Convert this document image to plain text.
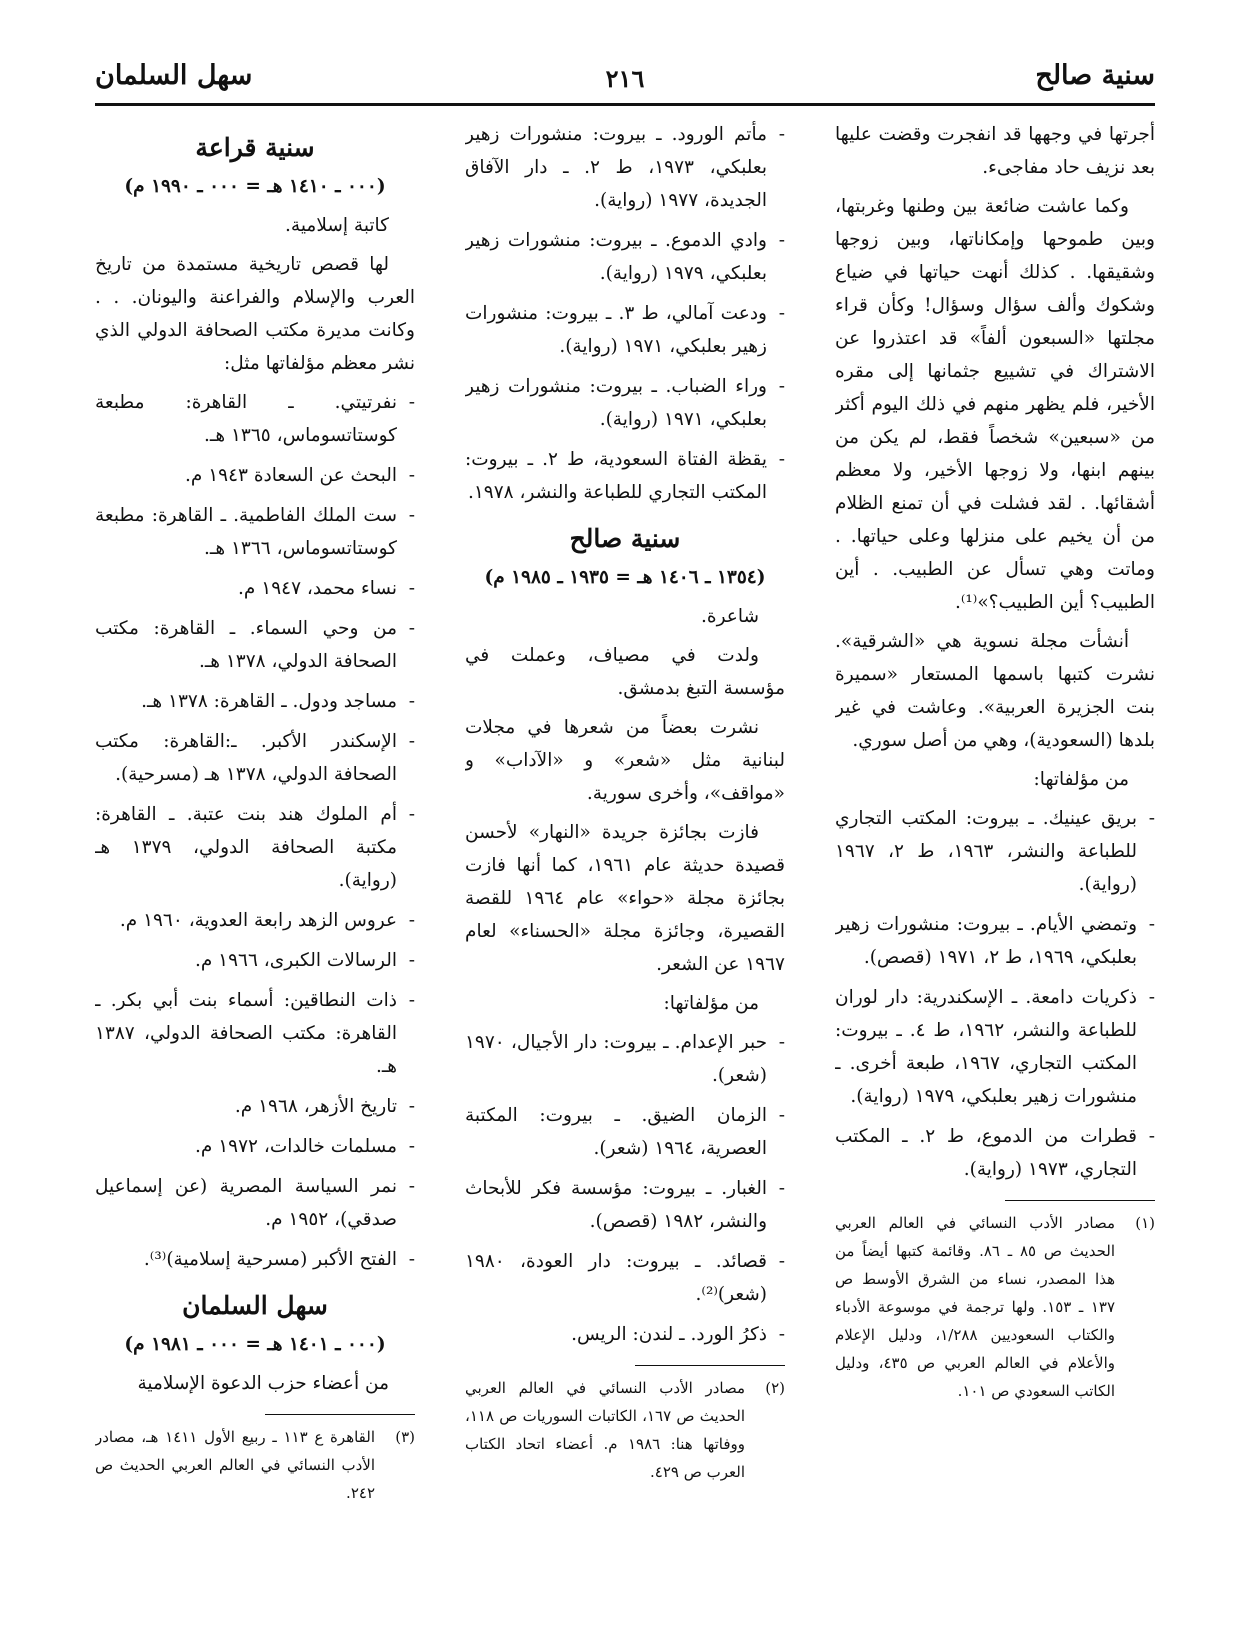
سنية صالح
٢١٦
سهل السلمان

أجرتها في وجهها قد انفجرت وقضت عليها بعد نزيف حاد مفاجىء.

وكما عاشت ضائعة بين وطنها وغربتها، وبين طموحها وإمكاناتها، وبين زوجها وشقيقها. . كذلك أنهت حياتها في ضياع وشكوك وألف سؤال وسؤال! وكأن قراء مجلتها «السبعون ألفاً» قد اعتذروا عن الاشتراك في تشييع جثمانها إلى مقره الأخير، فلم يظهر منهم في ذلك اليوم أكثر من «سبعين» شخصاً فقط، لم يكن من بينهم ابنها، ولا زوجها الأخير، ولا معظم أشقائها. . لقد فشلت في أن تمنع الظلام من أن يخيم على منزلها وعلى حياتها. . وماتت وهي تسأل عن الطبيب. . أين الطبيب؟ أين الطبيب؟»⁽¹⁾.

أنشأت مجلة نسوية هي «الشرقية». نشرت كتبها باسمها المستعار «سميرة بنت الجزيرة العربية». وعاشت في غير بلدها (السعودية)، وهي من أصل سوري.

من مؤلفاتها:

- بريق عينيك. ـ بيروت: المكتب التجاري للطباعة والنشر، ١٩٦٣، ط ٢، ١٩٦٧ (رواية).
- وتمضي الأيام. ـ بيروت: منشورات زهير بعلبكي، ١٩٦٩، ط ٢، ١٩٧١ (قصص).
- ذكريات دامعة. ـ الإسكندرية: دار لوران للطباعة والنشر، ١٩٦٢، ط ٤. ـ بيروت: المكتب التجاري، ١٩٦٧، طبعة أخرى. ـ منشورات زهير بعلبكي، ١٩٧٩ (رواية).
- قطرات من الدموع، ط ٢. ـ المكتب التجاري، ١٩٧٣ (رواية).
(١)
مصادر الأدب النسائي في العالم العربي الحديث ص ٨٥ ـ ٨٦. وقائمة كتبها أيضاً من هذا المصدر، نساء من الشرق الأوسط ص ١٣٧ ـ ١٥٣. ولها ترجمة في موسوعة الأدباء والكتاب السعوديين ١/٢٨٨، ودليل الإعلام والأعلام في العالم العربي ص ٤٣٥، ودليل الكاتب السعودي ص ١٠١.
- مأتم الورود. ـ بيروت: منشورات زهير بعلبكي، ١٩٧٣، ط ٢. ـ دار الآفاق الجديدة، ١٩٧٧ (رواية).
- وادي الدموع. ـ بيروت: منشورات زهير بعلبكي، ١٩٧٩ (رواية).
- ودعت آمالي، ط ٣. ـ بيروت: منشورات زهير بعلبكي، ١٩٧١ (رواية).
- وراء الضباب. ـ بيروت: منشورات زهير بعلبكي، ١٩٧١ (رواية).
- يقظة الفتاة السعودية، ط ٢. ـ بيروت: المكتب التجاري للطباعة والنشر، ١٩٧٨.
سنية صالح
(١٣٥٤ ـ ١٤٠٦ هـ = ١٩٣٥ ـ ١٩٨٥ م)

شاعرة.

ولدت في مصياف، وعملت في مؤسسة التبغ بدمشق.

نشرت بعضاً من شعرها في مجلات لبنانية مثل «شعر» و «الآداب» و «مواقف»، وأخرى سورية.

فازت بجائزة جريدة «النهار» لأحسن قصيدة حديثة عام ١٩٦١، كما أنها فازت بجائزة مجلة «حواء» عام ١٩٦٤ للقصة القصيرة، وجائزة مجلة «الحسناء» لعام ١٩٦٧ عن الشعر.

من مؤلفاتها:

- حبر الإعدام. ـ بيروت: دار الأجيال، ١٩٧٠ (شعر).
- الزمان الضيق. ـ بيروت: المكتبة العصرية، ١٩٦٤ (شعر).
- الغبار. ـ بيروت: مؤسسة فكر للأبحاث والنشر، ١٩٨٢ (قصص).
- قصائد. ـ بيروت: دار العودة، ١٩٨٠ (شعر)⁽²⁾.
- ذكرُ الورد. ـ لندن: الريس.
(٢)
مصادر الأدب النسائي في العالم العربي الحديث ص ١٦٧، الكاتبات السوريات ص ١١٨، ووفاتها هنا: ١٩٨٦ م. أعضاء اتحاد الكتاب العرب ص ٤٢٩.
سنية قراعة
(٠٠٠ ـ ١٤١٠ هـ = ٠٠٠ ـ ١٩٩٠ م)

كاتبة إسلامية.

لها قصص تاريخية مستمدة من تاريخ العرب والإسلام والفراعنة واليونان. . . وكانت مديرة مكتب الصحافة الدولي الذي نشر معظم مؤلفاتها مثل:

- نفرتيتي. ـ القاهرة: مطبعة كوستاتسوماس، ١٣٦٥ هـ.
- البحث عن السعادة ١٩٤٣ م.
- ست الملك الفاطمية. ـ القاهرة: مطبعة كوستاتسوماس، ١٣٦٦ هـ.
- نساء محمد، ١٩٤٧ م.
- من وحي السماء. ـ القاهرة: مكتب الصحافة الدولي، ١٣٧٨ هـ.
- مساجد ودول. ـ القاهرة: ١٣٧٨ هـ.
- الإسكندر الأكبر. ـ:القاهرة: مكتب الصحافة الدولي، ١٣٧٨ هـ (مسرحية).
- أم الملوك هند بنت عتبة. ـ القاهرة: مكتبة الصحافة الدولي، ١٣٧٩ هـ (رواية).
- عروس الزهد رابعة العدوية، ١٩٦٠ م.
- الرسالات الكبرى، ١٩٦٦ م.
- ذات النطاقين: أسماء بنت أبي بكر. ـ القاهرة: مكتب الصحافة الدولي، ١٣٨٧ هـ.
- تاريخ الأزهر، ١٩٦٨ م.
- مسلمات خالدات، ١٩٧٢ م.
- نمر السياسة المصرية (عن إسماعيل صدقي)، ١٩٥٢ م.
- الفتح الأكبر (مسرحية إسلامية)⁽³⁾.
سهل السلمان
(٠٠٠ ـ ١٤٠١ هـ = ٠٠٠ ـ ١٩٨١ م)

من أعضاء حزب الدعوة الإسلامية

(٣)
القاهرة ع ١١٣ ـ ربيع الأول ١٤١١ هـ، مصادر الأدب النسائي في العالم العربي الحديث ص ٢٤٢.
